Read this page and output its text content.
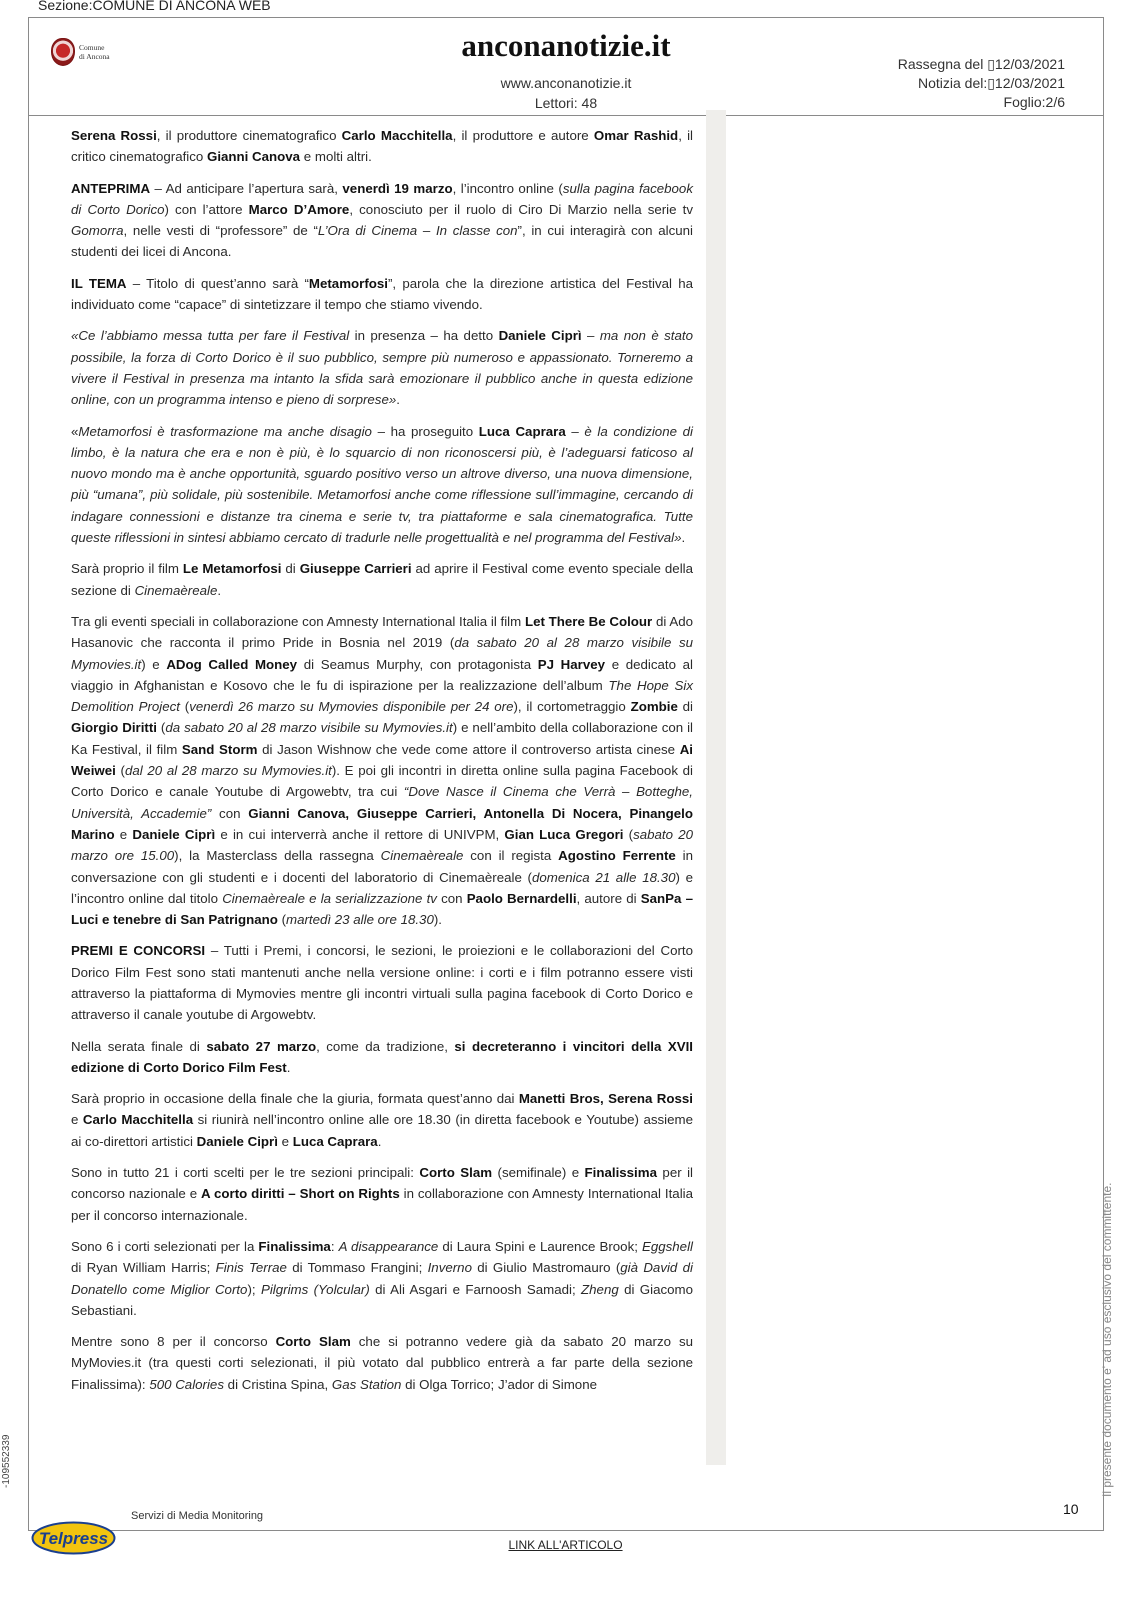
Sezione:COMUNE DI ANCONA WEB
Comune
di Ancona	anconanotizie.it
www.anconanotizie.it
Lettori: 48
Rassegna del ▯12/03/2021
Notizia del:▯12/03/2021
Foglio:2/6

Serena Rossi, il produttore cinematografico Carlo Macchitella, il produttore e autore Omar Rashid, il critico cinematografico Gianni Canova e molti altri.

ANTEPRIMA – Ad anticipare l’apertura sarà, venerdì 19 marzo, l’incontro online (sulla pagina facebook di Corto Dorico) con l’attore Marco D’Amore, conosciuto per il ruolo di Ciro Di Marzio nella serie tv Gomorra, nelle vesti di “professore” de “L’Ora di Cinema – In classe con”, in cui interagirà con alcuni studenti dei licei di Ancona.

IL TEMA – Titolo di quest’anno sarà “Metamorfosi”, parola che la direzione artistica del Festival ha individuato come “capace” di sintetizzare il tempo che stiamo vivendo.

«Ce l’abbiamo messa tutta per fare il Festival in presenza – ha detto Daniele Ciprì – ma non è stato possibile, la forza di Corto Dorico è il suo pubblico, sempre più numeroso e appassionato. Torneremo a vivere il Festival in presenza ma intanto la sfida sarà emozionare il pubblico anche in questa edizione online, con un programma intenso e pieno di sorprese».

«Metamorfosi è trasformazione ma anche disagio – ha proseguito Luca Caprara – è la condizione di limbo, è la natura che era e non è più, è lo squarcio di non riconoscersi più, è l’adeguarsi faticoso al nuovo mondo ma è anche opportunità, sguardo positivo verso un altrove diverso, una nuova dimensione, più “umana”, più solidale, più sostenibile. Metamorfosi anche come riflessione sull’immagine, cercando di indagare connessioni e distanze tra cinema e serie tv, tra piattaforme e sala cinematografica. Tutte queste riflessioni in sintesi abbiamo cercato di tradurle nelle progettualità e nel programma del Festival».

Sarà proprio il film Le Metamorfosi di Giuseppe Carrieri ad aprire il Festival come evento speciale della sezione di Cinemaèreale.

Tra gli eventi speciali in collaborazione con Amnesty International Italia il film Let There Be Colour di Ado Hasanovic che racconta il primo Pride in Bosnia nel 2019 (da sabato 20 al 28 marzo visibile su Mymovies.it) e ADog Called Money di Seamus Murphy, con protagonista PJ Harvey e dedicato al viaggio in Afghanistan e Kosovo che le fu di ispirazione per la realizzazione dell’album The Hope Six Demolition Project (venerdì 26 marzo su Mymovies disponibile per 24 ore), il cortometraggio Zombie di Giorgio Diritti (da sabato 20 al 28 marzo visibile su Mymovies.it) e nell’ambito della collaborazione con il Ka Festival, il film Sand Storm di Jason Wishnow che vede come attore il controverso artista cinese Ai Weiwei (dal 20 al 28 marzo su Mymovies.it). E poi gli incontri in diretta online sulla pagina Facebook di Corto Dorico e canale Youtube di Argowebtv, tra cui “Dove Nasce il Cinema che Verrà – Botteghe, Università, Accademie” con Gianni Canova, Giuseppe Carrieri, Antonella Di Nocera, Pinangelo Marino e Daniele Ciprì e in cui interverrà anche il rettore di UNIVPM, Gian Luca Gregori (sabato 20 marzo ore 15.00), la Masterclass della rassegna Cinemaèreale con il regista Agostino Ferrente in conversazione con gli studenti e i docenti del laboratorio di Cinemaèreale (domenica 21 alle 18.30) e l’incontro online dal titolo Cinemaèreale e la serializzazione tv con Paolo Bernardelli, autore di SanPa – Luci e tenebre di San Patrignano (martedì 23 alle ore 18.30).

PREMI E CONCORSI – Tutti i Premi, i concorsi, le sezioni, le proiezioni e le collaborazioni del Corto Dorico Film Fest sono stati mantenuti anche nella versione online: i corti e i film potranno essere visti attraverso la piattaforma di Mymovies mentre gli incontri virtuali sulla pagina facebook di Corto Dorico e attraverso il canale youtube di Argowebtv.

Nella serata finale di sabato 27 marzo, come da tradizione, si decreteranno i vincitori della XVII edizione di Corto Dorico Film Fest.

Sarà proprio in occasione della finale che la giuria, formata quest’anno dai Manetti Bros, Serena Rossi e Carlo Macchitella si riunirà nell’incontro online alle ore 18.30 (in diretta facebook e Youtube) assieme ai co-direttori artistici Daniele Ciprì e Luca Caprara.

Sono in tutto 21 i corti scelti per le tre sezioni principali: Corto Slam (semifinale) e Finalissima per il concorso nazionale e A corto diritti – Short on Rights in collaborazione con Amnesty International Italia per il concorso internazionale.

Sono 6 i corti selezionati per la Finalissima: A disappearance di Laura Spini e Laurence Brook; Eggshell di Ryan William Harris; Finis Terrae di Tommaso Frangini; Inverno di Giulio Mastromauro (già David di Donatello come Miglior Corto); Pilgrims (Yolcular) di Ali Asgari e Farnoosh Samadi; Zheng di Giacomo Sebastiani.

Mentre sono 8 per il concorso Corto Slam che si potranno vedere già da sabato 20 marzo su MyMovies.it (tra questi corti selezionati, il più votato dal pubblico entrerà a far parte della sezione Finalissima): 500 Calories di Cristina Spina, Gas Station di Olga Torrico; J’ador di Simone	Il presente documento e' ad uso esclusivo del committente.
-109552339
Telpress
Servizi di Media Monitoring	10
LINK ALL'ARTICOLO
